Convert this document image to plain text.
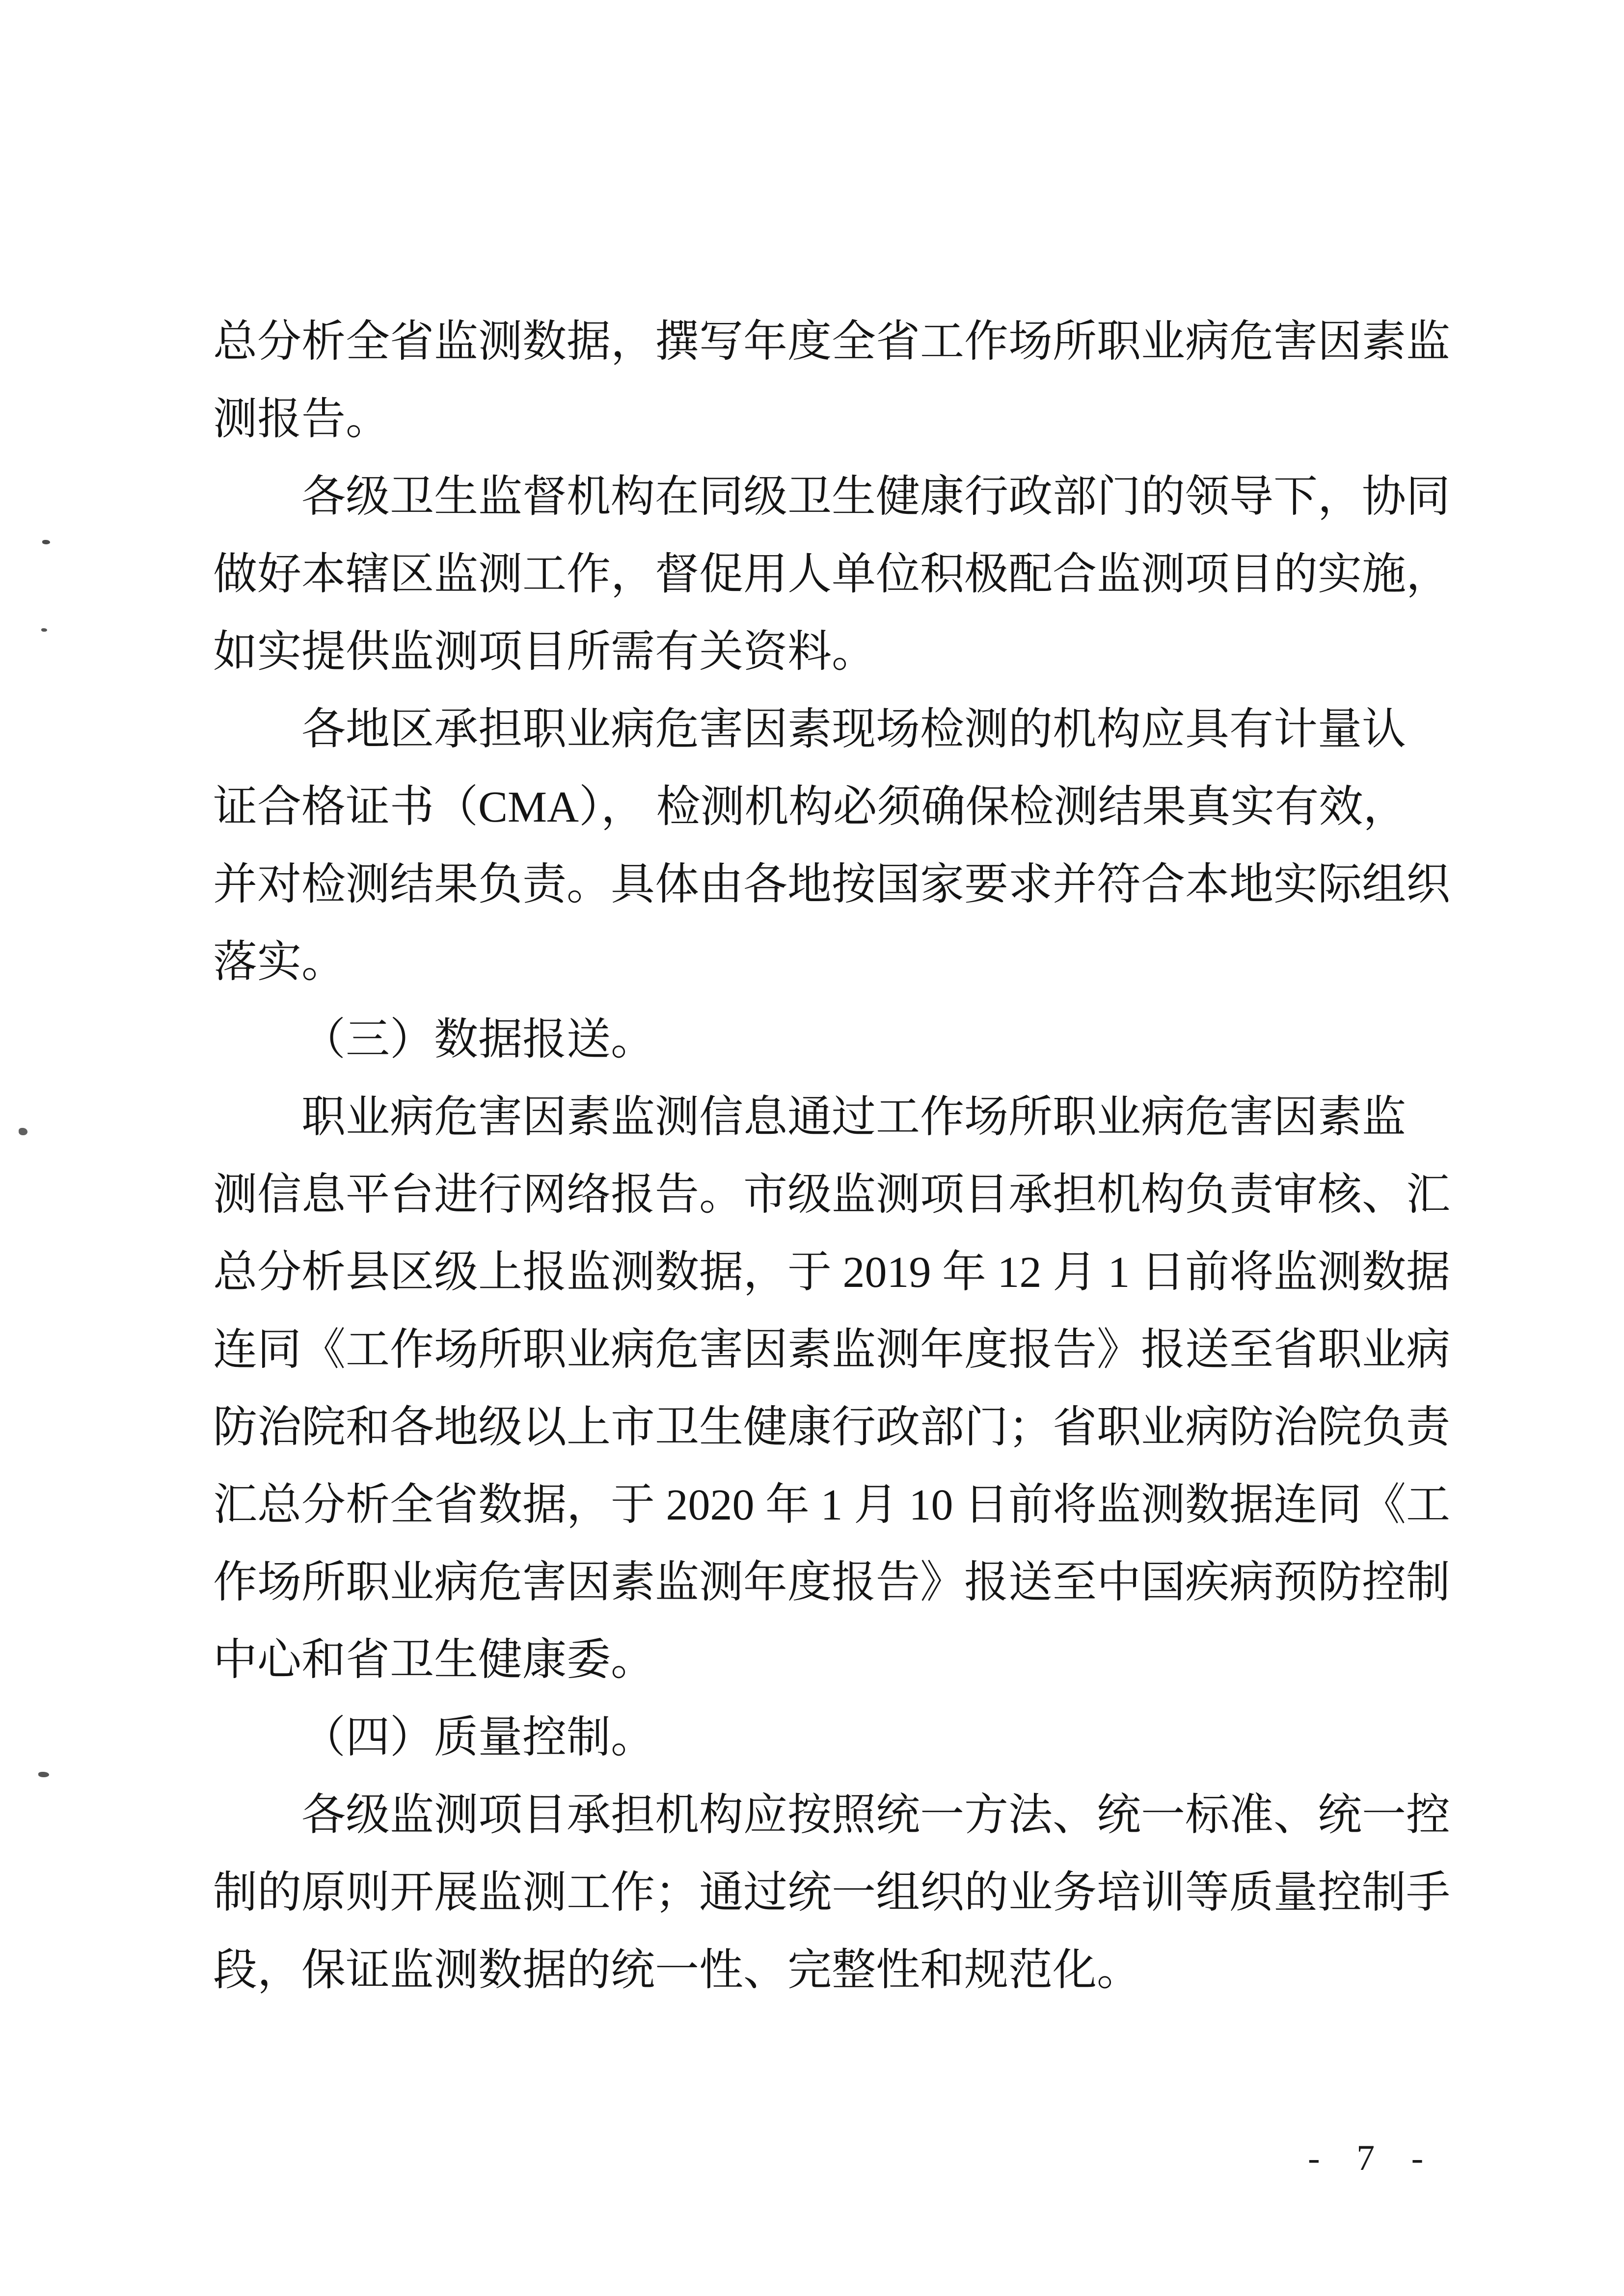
总分析全省监测数据，撰写年度全省工作场所职业病危害因素监

测报告。

各级卫生监督机构在同级卫生健康行政部门的领导下，协同

做好本辖区监测工作，督促用人单位积极配合监测项目的实施，

如实提供监测项目所需有关资料。

各地区承担职业病危害因素现场检测的机构应具有计量认

证合格证书（CMA）， 检测机构必须确保检测结果真实有效，

并对检测结果负责。具体由各地按国家要求并符合本地实际组织

落实。

（三）数据报送。

职业病危害因素监测信息通过工作场所职业病危害因素监

测信息平台进行网络报告。市级监测项目承担机构负责审核、汇

总分析县区级上报监测数据，于 2019 年 12 月 1 日前将监测数据

连同《工作场所职业病危害因素监测年度报告》报送至省职业病

防治院和各地级以上市卫生健康行政部门；省职业病防治院负责

汇总分析全省数据，于 2020 年 1 月 10 日前将监测数据连同《工

作场所职业病危害因素监测年度报告》报送至中国疾病预防控制

中心和省卫生健康委。

（四）质量控制。

各级监测项目承担机构应按照统一方法、统一标准、统一控

制的原则开展监测工作；通过统一组织的业务培训等质量控制手

段，保证监测数据的统一性、完整性和规范化。

- 7 -
